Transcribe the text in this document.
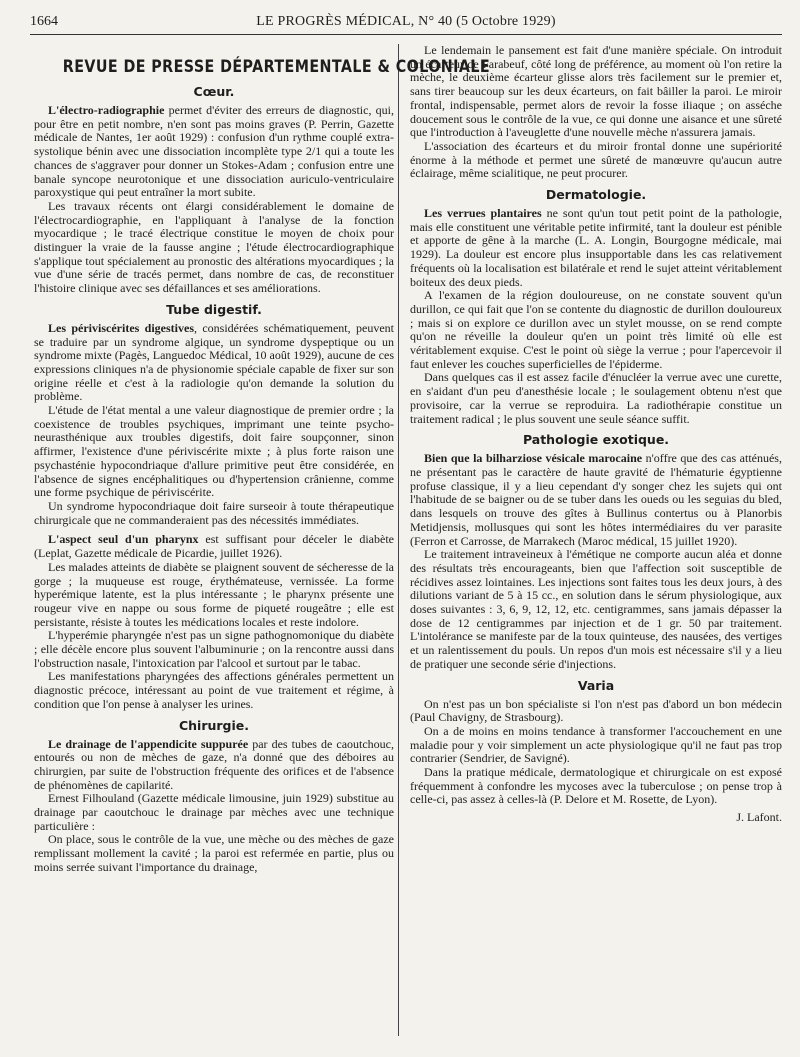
1664	LE PROGRÈS MÉDICAL, N° 40 (5 Octobre 1929)
REVUE DE PRESSE DÉPARTEMENTALE & COLONIALE
Cœur.

L'électro-radiographie permet d'éviter des erreurs de diagnostic, qui, pour être en petit nombre, n'en sont pas moins graves (P. Perrin, Gazette médicale de Nantes, 1er août 1929) : confusion d'un rythme couplé extra-systolique bénin avec une dissociation incomplète type 2/1 qui a toute les chances de s'aggraver pour donner un Stokes-Adam ; confusion entre une banale syncope neurotonique et une dissociation auriculo-ventriculaire paroxystique qui peut entraîner la mort subite.

Les travaux récents ont élargi considérablement le domaine de l'électrocardiographie, en l'appliquant à l'analyse de la fonction myocardique ; le tracé électrique constitue le moyen de choix pour distinguer la vraie de la fausse angine ; l'étude électrocardiographique s'applique tout spécialement au pronostic des altérations myocardiques ; la vue d'une série de tracés permet, dans nombre de cas, de reconstituer l'histoire clinique avec ses défaillances et ses améliorations.

Tube digestif.

Les périviscérites digestives, considérées schématiquement, peuvent se traduire par un syndrome algique, un syndrome dyspeptique ou un syndrome mixte (Pagès, Languedoc Médical, 10 août 1929), aucune de ces expressions cliniques n'a de physionomie spéciale capable de fixer sur son origine réelle et c'est à la radiologie qu'on demande la solution du problème.

L'étude de l'état mental a une valeur diagnostique de premier ordre ; la coexistence de troubles psychiques, imprimant une teinte psycho-neurasthénique aux troubles digestifs, doit faire soupçonner, sinon affirmer, l'existence d'une périviscérite mixte ; à plus forte raison une psychasténie hypocondriaque d'allure primitive peut être considérée, en l'absence de signes encéphalitiques ou d'hypertension crânienne, comme une forme psychique de périviscérite.

Un syndrome hypocondriaque doit faire surseoir à toute thérapeutique chirurgicale que ne commanderaient pas des nécessités immédiates.

L'aspect seul d'un pharynx est suffisant pour déceler le diabète (Leplat, Gazette médicale de Picardie, juillet 1926).

Les malades atteints de diabète se plaignent souvent de sécheresse de la gorge ; la muqueuse est rouge, érythémateuse, vernissée. La forme hyperémique latente, est la plus intéressante ; le pharynx présente une rougeur vive en nappe ou sous forme de piqueté rougeâtre ; elle est persistante, résiste à toutes les médications locales et reste indolore.

L'hyperémie pharyngée n'est pas un signe pathognomonique du diabète ; elle décèle encore plus souvent l'albuminurie ; on la rencontre aussi dans l'obstruction nasale, l'intoxication par l'alcool et surtout par le tabac.

Les manifestations pharyngées des affections générales permettent un diagnostic précoce, intéressant au point de vue traitement et régime, à condition que l'on pense à analyser les urines.

Chirurgie.

Le drainage de l'appendicite suppurée par des tubes de caoutchouc, entourés ou non de mèches de gaze, n'a donné que des déboires au chirurgien, par suite de l'obstruction fréquente des orifices et de l'absence de phénomènes de capilarité.

Ernest Filhouland (Gazette médicale limousine, juin 1929) substitue au drainage par caoutchouc le drainage par mèches avec une technique particulière :

On place, sous le contrôle de la vue, une mèche ou des mèches de gaze remplissant mollement la cavité ; la paroi est refermée en partie, plus ou moins serrée suivant l'importance du drainage,

Le lendemain le pansement est fait d'une manière spéciale. On introduit un écarteur de Farabeuf, côté long de préférence, au moment où l'on retire la mèche, le deuxième écarteur glisse alors très facilement sur le premier et, sans tirer beaucoup sur les deux écarteurs, on fait bâiller la paroi. Le miroir frontal, indispensable, permet alors de revoir la fosse iliaque ; on asséche doucement sous le contrôle de la vue, ce qui donne une aisance et une sûreté que l'introduction à l'aveuglette d'une nouvelle mèche n'assurera jamais.

L'association des écarteurs et du miroir frontal donne une supériorité énorme à la méthode et permet une sûreté de manœuvre qu'aucun autre éclairage, même scialitique, ne peut procurer.

Dermatologie.

Les verrues plantaires ne sont qu'un tout petit point de la pathologie, mais elle constituent une véritable petite infirmité, tant la douleur est pénible et apporte de gêne à la marche (L. A. Longin, Bourgogne médicale, mai 1929). La douleur est encore plus insupportable dans les cas relativement fréquents où la localisation est bilatérale et rend le sujet atteint véritablement boiteux des deux pieds.

A l'examen de la région douloureuse, on ne constate souvent qu'un durillon, ce qui fait que l'on se contente du diagnostic de durillon douloureux ; mais si on explore ce durillon avec un stylet mousse, on se rend compte qu'on ne réveille la douleur qu'en un point très limité où elle est véritablement exquise. C'est le point où siège la verrue ; pour l'apercevoir il faut enlever les couches superficielles de l'épiderme.

Dans quelques cas il est assez facile d'énucléer la verrue avec une curette, en s'aidant d'un peu d'anesthésie locale ; le soulagement obtenu n'est que provisoire, car la verrue se reproduira. La radiothérapie constitue un traitement radical ; le plus souvent une seule séance suffit.

Pathologie exotique.

Bien que la bilharziose vésicale marocaine n'offre que des cas atténués, ne présentant pas le caractère de haute gravité de l'hématurie égyptienne profuse classique, il y a lieu cependant d'y songer chez les sujets qui ont l'habitude de se baigner ou de se tuber dans les oueds ou les seguias du bled, dans lesquels on trouve des gîtes à Bullinus contertus ou à Planorbis Metidjensis, mollusques qui sont les hôtes intermédiaires du ver parasite (Ferron et Carrosse, de Marrakech (Maroc médical, 15 juillet 1920).

Le traitement intraveineux à l'émétique ne comporte aucun aléa et donne des résultats très encourageants, bien que l'affection soit susceptible de récidives assez lointaines. Les injections sont faites tous les deux jours, à des dilutions variant de 5 à 15 cc., en solution dans le sérum physiologique, aux doses suivantes : 3, 6, 9, 12, 12, etc. centigrammes, sans jamais dépasser la dose de 12 centigrammes par injection et de 1 gr. 50 par traitement. L'intolérance se manifeste par de la toux quinteuse, des nausées, des vertiges et un ralentissement du pouls. Un repos d'un mois est nécessaire s'il y a lieu de pratiquer une seconde série d'injections.

Varia

On n'est pas un bon spécialiste si l'on n'est pas d'abord un bon médecin (Paul Chavigny, de Strasbourg).

On a de moins en moins tendance à transformer l'accouchement en une maladie pour y voir simplement un acte physiologique qu'il ne faut pas trop contrarier (Sendrier, de Savigné).

Dans la pratique médicale, dermatologique et chirurgicale on est exposé fréquemment à confondre les mycoses avec la tuberculose ; on pense trop à celle-ci, pas assez à celles-là (P. Delore et M. Rosette, de Lyon).

J. Lafont.
